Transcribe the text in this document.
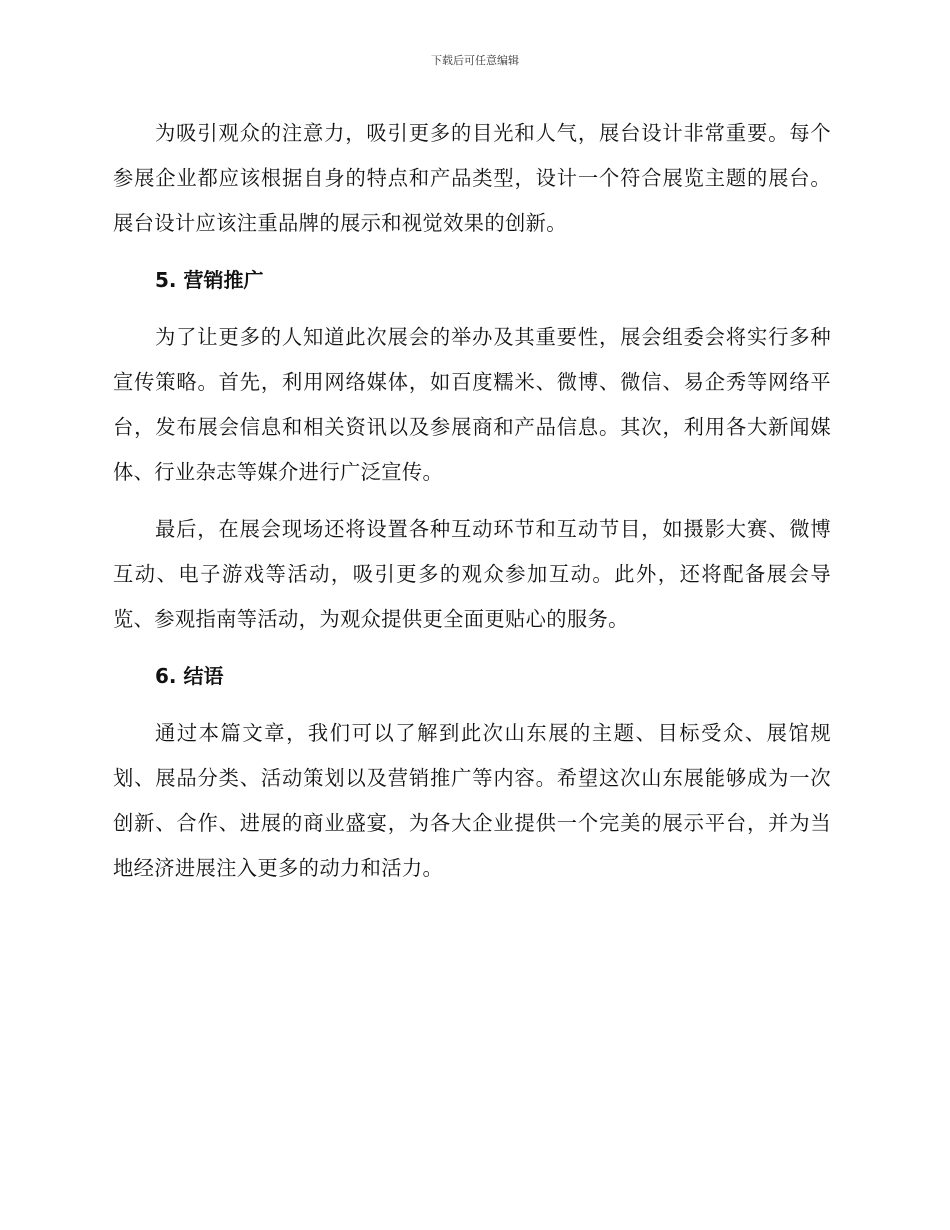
下载后可任意编辑

为吸引观众的注意力，吸引更多的目光和人气，展台设计非常重要。每个参展企业都应该根据自身的特点和产品类型，设计一个符合展览主题的展台。展台设计应该注重品牌的展示和视觉效果的创新。

5. 营销推广

为了让更多的人知道此次展会的举办及其重要性，展会组委会将实行多种宣传策略。首先，利用网络媒体，如百度糯米、微博、微信、易企秀等网络平台，发布展会信息和相关资讯以及参展商和产品信息。其次，利用各大新闻媒体、行业杂志等媒介进行广泛宣传。

最后，在展会现场还将设置各种互动环节和互动节目，如摄影大赛、微博互动、电子游戏等活动，吸引更多的观众参加互动。此外，还将配备展会导览、参观指南等活动，为观众提供更全面更贴心的服务。

6. 结语

通过本篇文章，我们可以了解到此次山东展的主题、目标受众、展馆规划、展品分类、活动策划以及营销推广等内容。希望这次山东展能够成为一次创新、合作、进展的商业盛宴，为各大企业提供一个完美的展示平台，并为当地经济进展注入更多的动力和活力。
